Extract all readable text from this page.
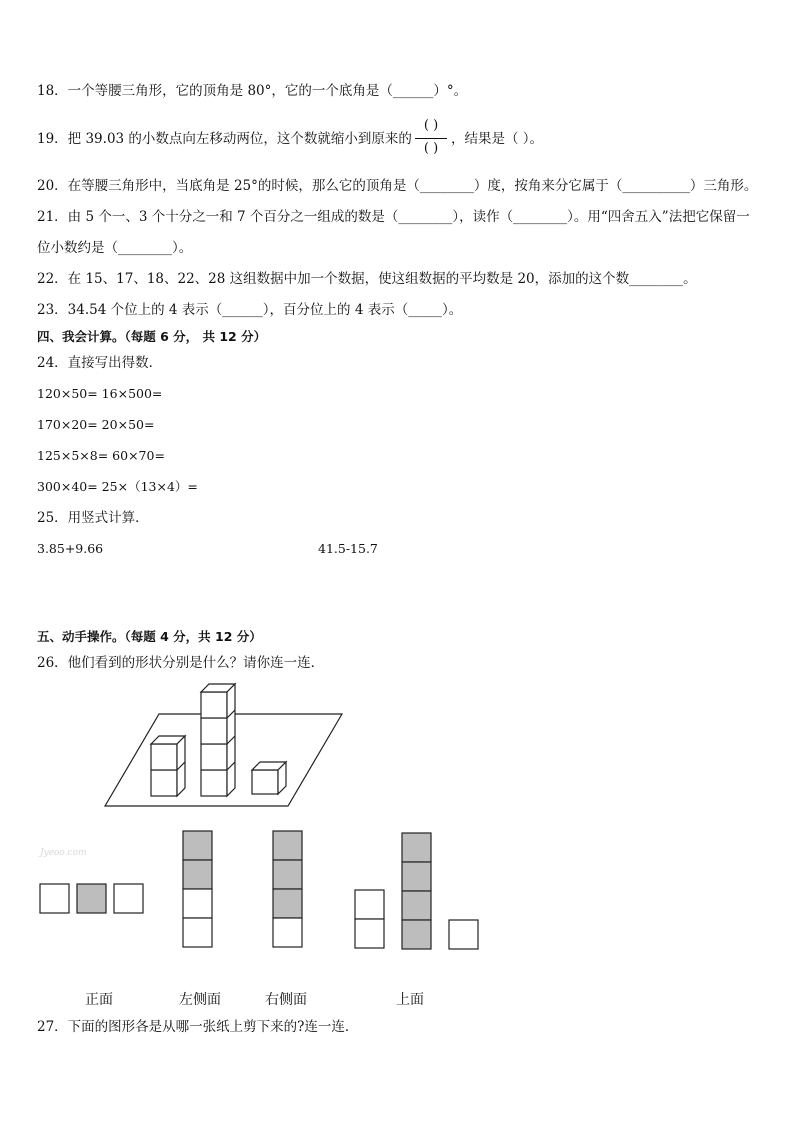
18．一个等腰三角形，它的顶角是 80°，它的一个底角是（______）°。
19．把 39.03 的小数点向左移动两位，这个数就缩小到原来的
( )
( )
，结果是（ ）。
20．在等腰三角形中，当底角是 25°的时候，那么它的顶角是（________）度，按角来分它属于（__________）三角形。
21．由 5 个一、3 个十分之一和 7 个百分之一组成的数是（________），读作（________）。用“四舍五入”法把它保留一
位小数约是（________）。
22．在 15、17、18、22、28 这组数据中加一个数据，使这组数据的平均数是 20，添加的这个数________。
23．34.54 个位上的 4 表示（______），百分位上的 4 表示（_____）。
四、我会计算。（每题 6 分， 共 12 分）
24．直接写出得数．
120×50= 16×500=
170×20= 20×50=
125×5×8= 60×70=
300×40= 25×（13×4）=
25．用竖式计算．
3.85+9.66	41.5-15.7
五、动手操作。（每题 4 分，共 12 分）
26．他们看到的形状分别是什么？请你连一连．
Jyeoo.com
正面	左侧面	右侧面	上面
27．下面的图形各是从哪一张纸上剪下来的?连一连．
